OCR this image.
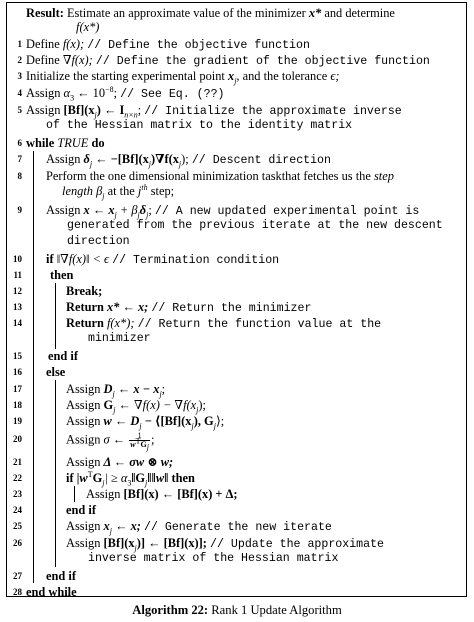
Result: Estimate an approximate value of the minimizer x* and determine
f(x*)
1 Define f(x); // Define the objective function
2 Define ∇f(x); // Define the gradient of the objective function
3 Initialize the starting experimental point $x_j$, and the tolerance ϵ;
4 Assign $\alpha_3$ ← $10^{-8}$; // See Eq. (??)
5 Assign $[Bf](x_j)$ ← $I_{n\times n}$; // Initialize the approximate inverse
of the Hessian matrix to the identity matrix
6 while TRUE do
7 Assign $\delta_j$ ← $-[Bf](x_j)\nabla f(x_j)$; // Descent direction
8 Perform the one dimensional minimization taskthat fetches us the step
length $\beta_j$ at the $j^{th}$ step;
9 Assign x ← $x_j + \beta_j\delta_j$; // A new updated experimental point is
generated from the previous iterate at the new descent
direction
10 if ‖∇f(x)‖ < ϵ // Termination condition
11 then
12	Break;
13	Return x* ← x; // Return the minimizer
14	Return f(x*); // Return the function value at the
minimizer
15 end if
16 else
17	Assign $D_j$ ← $x - x_j$;
18	Assign $G_j$ ← $\nabla f(x) - \nabla f(x_j)$;
19	Assign w ← $D_j$ − $⟨[Bf](x_j)$, $G_j⟩$;
20	Assign σ ← $\frac{1}{w^TG_j}$ ;
21	Assign Δ ← σw ⊗ w;
22	if $|w^TG_j|$ ≥ $\alpha_3‖G_j‖‖w‖$ then
23	Assign [Bf](x) ← [Bf](x) + Δ;
24	end if
25	Assign $x_j$ ← x; // Generate the new iterate
26	Assign $[Bf](x_j)$] ← [Bf](x)]; // Update the approximate
inverse matrix of the Hessian matrix
27 end if
28 end while
Algorithm 22: Rank 1 Update Algorithm
